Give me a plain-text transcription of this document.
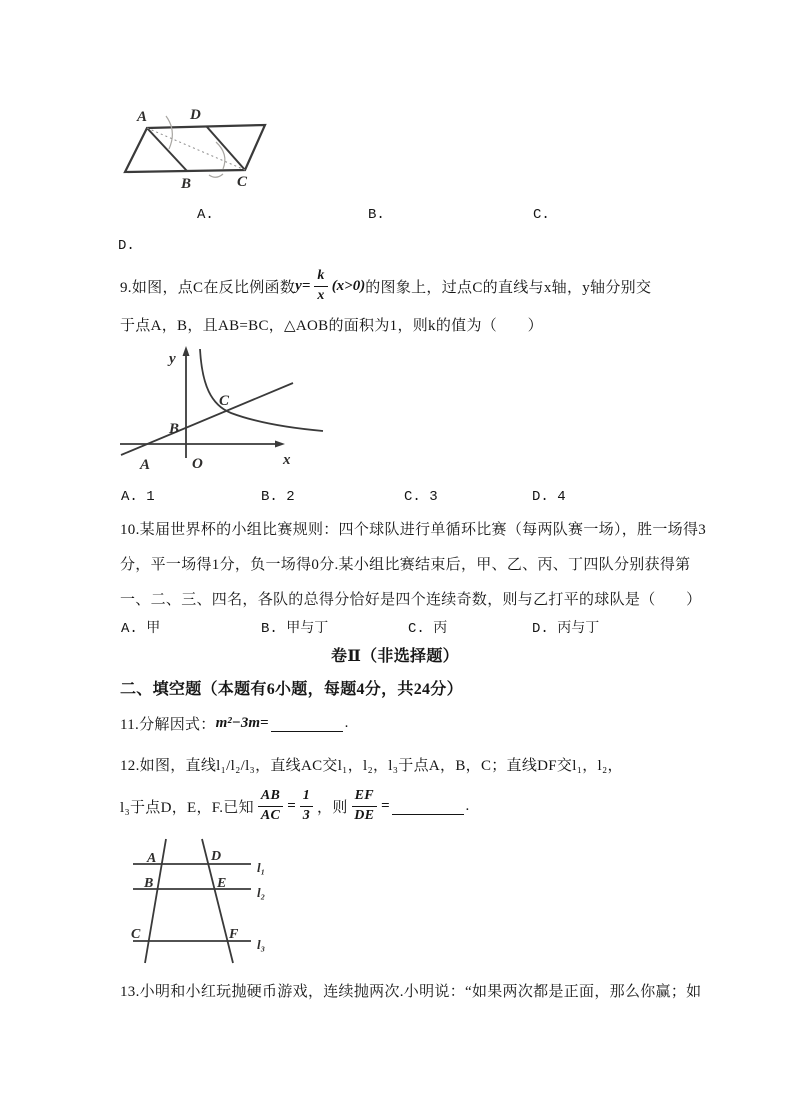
A	D
B	C
A.	B.	C.
D.
9.如图，点C在反比例函数 $y= \frac{k}{x} (x>0)$ 的图象上，过点C的直线与x轴，y轴分别交
于点A，B，且AB=BC，△AOB的面积为1，则k的值为（　　）
y
x
O
A
B
C
A. 1	B. 2	C. 3	D. 4
10.某届世界杯的小组比赛规则：四个球队进行单循环比赛（每两队赛一场），胜一场得3
分，平一场得1分，负一场得0分.某小组比赛结束后，甲、乙、丙、丁四队分别获得第
一、二、三、四名，各队的总得分恰好是四个连续奇数，则与乙打平的球队是（　　）
A. 甲	B. 甲与丁	C. 丙	D. 丙与丁
卷Ⅱ（非选择题）
二、填空题（本题有6小题，每题4分，共24分）
11.分解因式： m²−3m=	.
12.如图，直线l₁/l₂/l₃，直线AC交l₁，l₂，l₃于点A，B，C；直线DF交l₁，l₂，
l₃于点D，E，F.已知 $\frac{AB}{AC} = \frac{1}{3}$ ，则 $\frac{EF}{DE}$ =	.
A	D
B	E
C	F
l₁
l₂
l₃
13.小明和小红玩抛硬币游戏，连续抛两次.小明说：“如果两次都是正面，那么你赢；如
